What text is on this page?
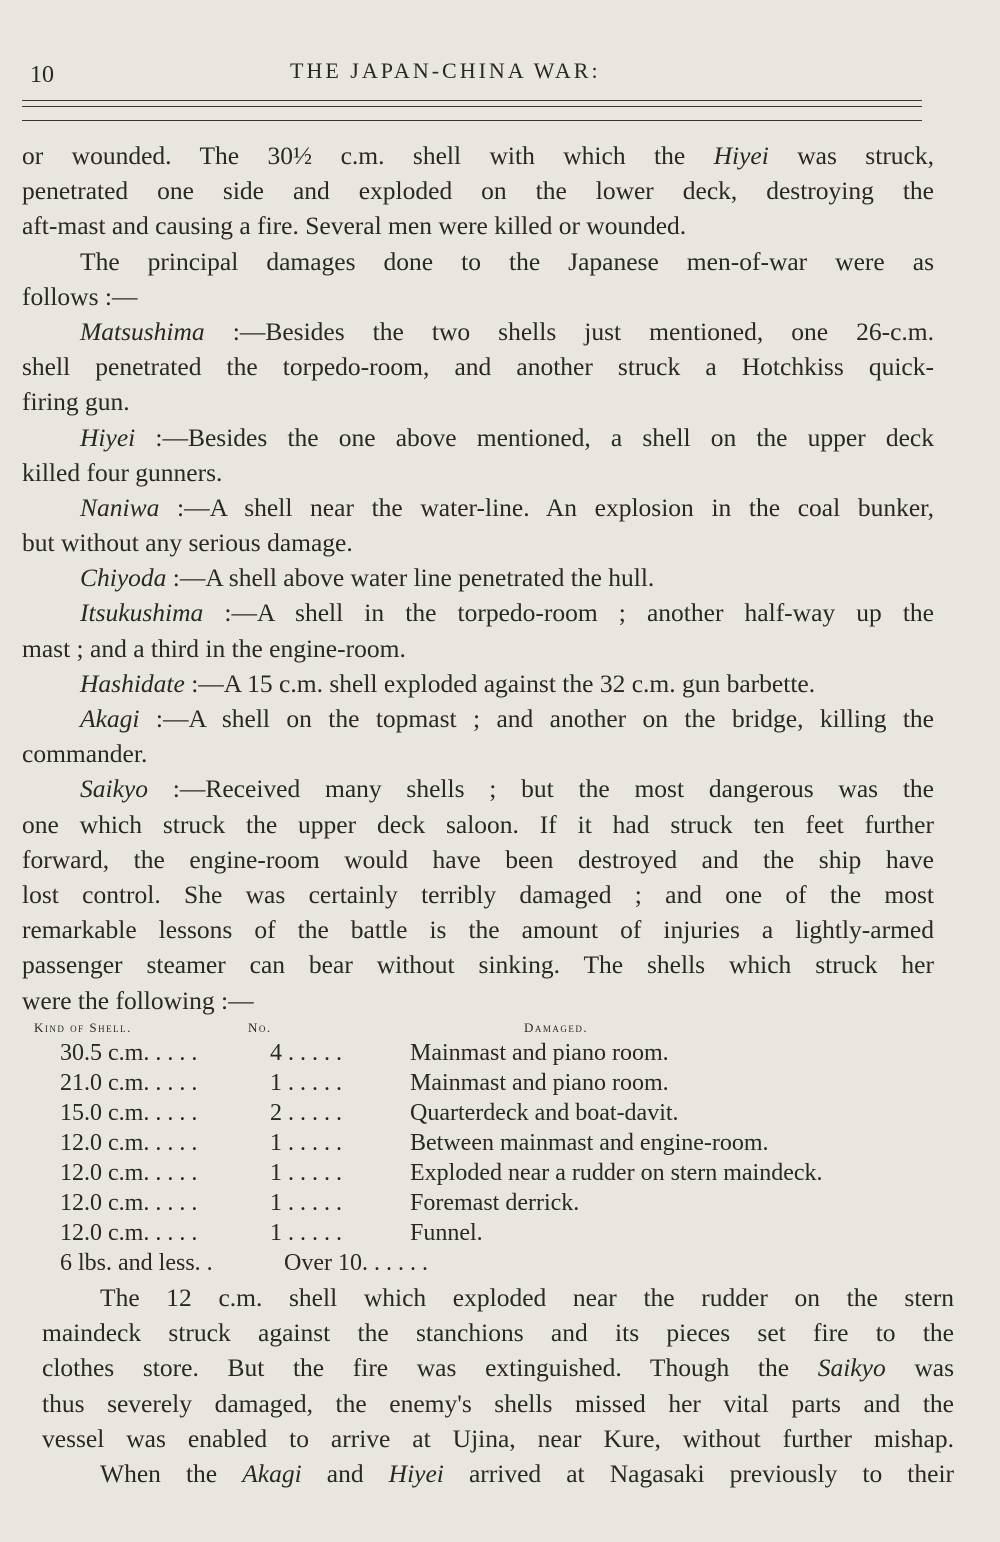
10	THE JAPAN-CHINA WAR:
or wounded. The 30½ c.m. shell with which the Hiyei was struck,
penetrated one side and exploded on the lower deck, destroying the
aft-mast and causing a fire. Several men were killed or wounded.
The principal damages done to the Japanese men-of-war were as
follows :—
Matsushima :—Besides the two shells just mentioned, one 26-c.m.
shell penetrated the torpedo-room, and another struck a Hotchkiss quick-
firing gun.
Hiyei :—Besides the one above mentioned, a shell on the upper deck
killed four gunners.
Naniwa :—A shell near the water-line. An explosion in the coal bunker,
but without any serious damage.
Chiyoda :—A shell above water line penetrated the hull.
Itsukushima :—A shell in the torpedo-room ; another half-way up the
mast ; and a third in the engine-room.
Hashidate :—A 15 c.m. shell exploded against the 32 c.m. gun barbette.
Akagi :—A shell on the topmast ; and another on the bridge, killing the
commander.
Saikyo :—Received many shells ; but the most dangerous was the
one which struck the upper deck saloon. If it had struck ten feet further
forward, the engine-room would have been destroyed and the ship have
lost control. She was certainly terribly damaged ; and one of the most
remarkable lessons of the battle is the amount of injuries a lightly-armed
passenger steamer can bear without sinking. The shells which struck her
were the following :—
Kind of Shell.	No.	Damaged.
30.5 c.m. . . . .	4 . . . . .	Mainmast and piano room.
21.0 c.m. . . . .	1 . . . . .	Mainmast and piano room.
15.0 c.m. . . . .	2 . . . . .	Quarterdeck and boat-davit.
12.0 c.m. . . . .	1 . . . . .	Between mainmast and engine-room.
12.0 c.m. . . . .	1 . . . . .	Exploded near a rudder on stern maindeck.
12.0 c.m. . . . .	1 . . . . .	Foremast derrick.
12.0 c.m. . . . .	1 . . . . .	Funnel.
6 lbs. and less. .	Over 10. . . . . .
The 12 c.m. shell which exploded near the rudder on the stern
maindeck struck against the stanchions and its pieces set fire to the
clothes store. But the fire was extinguished. Though the Saikyo was
thus severely damaged, the enemy's shells missed her vital parts and the
vessel was enabled to arrive at Ujina, near Kure, without further mishap.
When the Akagi and Hiyei arrived at Nagasaki previously to their
